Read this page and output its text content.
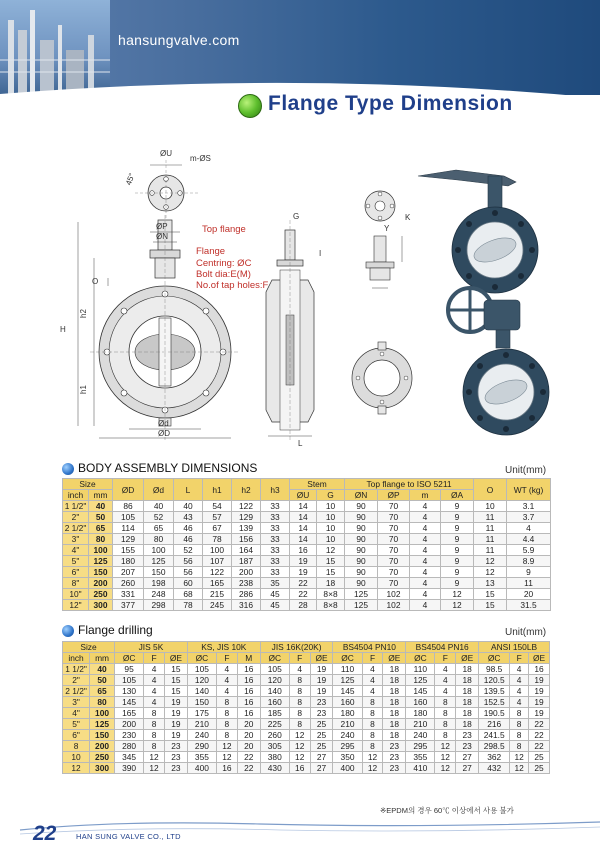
hansungvalve.com
Flange Type Dimension
ØU
m-ØS
45°
ØP
ØN
Top flange
Flange
Centring: ØC
Bolt dia:E(M)
No.of tap holes:F
O
H
h2
h1
Ød
ØD
G
I
L
K
Y
BODY ASSEMBLY DIMENSIONS	Unit(mm)
Size		ØD	Ød	L	h1	h2	h3	Stem		Top flange to ISO 5211				O	WT (kg)
inch	mm							ØU	G	ØN	ØP	m	ØA		
1 1/2"	40	86	40	40	54	122	33	14	10	90	70	4	9	10	3.1
2"	50	105	52	43	57	129	33	14	10	90	70	4	9	11	3.7
2 1/2"	65	114	65	46	67	139	33	14	10	90	70	4	9	11	4
3"	80	129	80	46	78	156	33	14	10	90	70	4	9	11	4.4
4"	100	155	100	52	100	164	33	16	12	90	70	4	9	11	5.9
5"	125	180	125	56	107	187	33	19	15	90	70	4	9	12	8.9
6"	150	207	150	56	122	200	33	19	15	90	70	4	9	12	9
8"	200	260	198	60	165	238	35	22	18	90	70	4	9	13	11
10"	250	331	248	68	215	286	45	22	8×8	125	102	4	12	15	20
12"	300	377	298	78	245	316	45	28	8×8	125	102	4	12	15	31.5
Flange drilling	Unit(mm)
Size		JIS 5K			KS, JIS 10K			JIS 16K(20K)			BS4504 PN10			BS4504 PN16			ANSI 150LB		
inch	mm	ØC	F	ØE	ØC	F	M	ØC	F	ØE	ØC	F	ØE	ØC	F	ØE	ØC	F	ØE
1 1/2"	40	95	4	15	105	4	16	105	4	19	110	4	18	110	4	18	98.5	4	16
2"	50	105	4	15	120	4	16	120	8	19	125	4	18	125	4	18	120.5	4	19
2 1/2"	65	130	4	15	140	4	16	140	8	19	145	4	18	145	4	18	139.5	4	19
3"	80	145	4	19	150	8	16	160	8	23	160	8	18	160	8	18	152.5	4	19
4"	100	165	8	19	175	8	16	185	8	23	180	8	18	180	8	18	190.5	8	19
5"	125	200	8	19	210	8	20	225	8	25	210	8	18	210	8	18	216	8	22
6"	150	230	8	19	240	8	20	260	12	25	240	8	18	240	8	23	241.5	8	22
8	200	280	8	23	290	12	20	305	12	25	295	8	23	295	12	23	298.5	8	22
10	250	345	12	23	355	12	22	380	12	27	350	12	23	355	12	27	362	12	25
12	300	390	12	23	400	16	22	430	16	27	400	12	23	410	12	27	432	12	25
※EPDM의 경우 60℃ 이상에서 사용 불가
22	HAN SUNG VALVE CO., LTD
